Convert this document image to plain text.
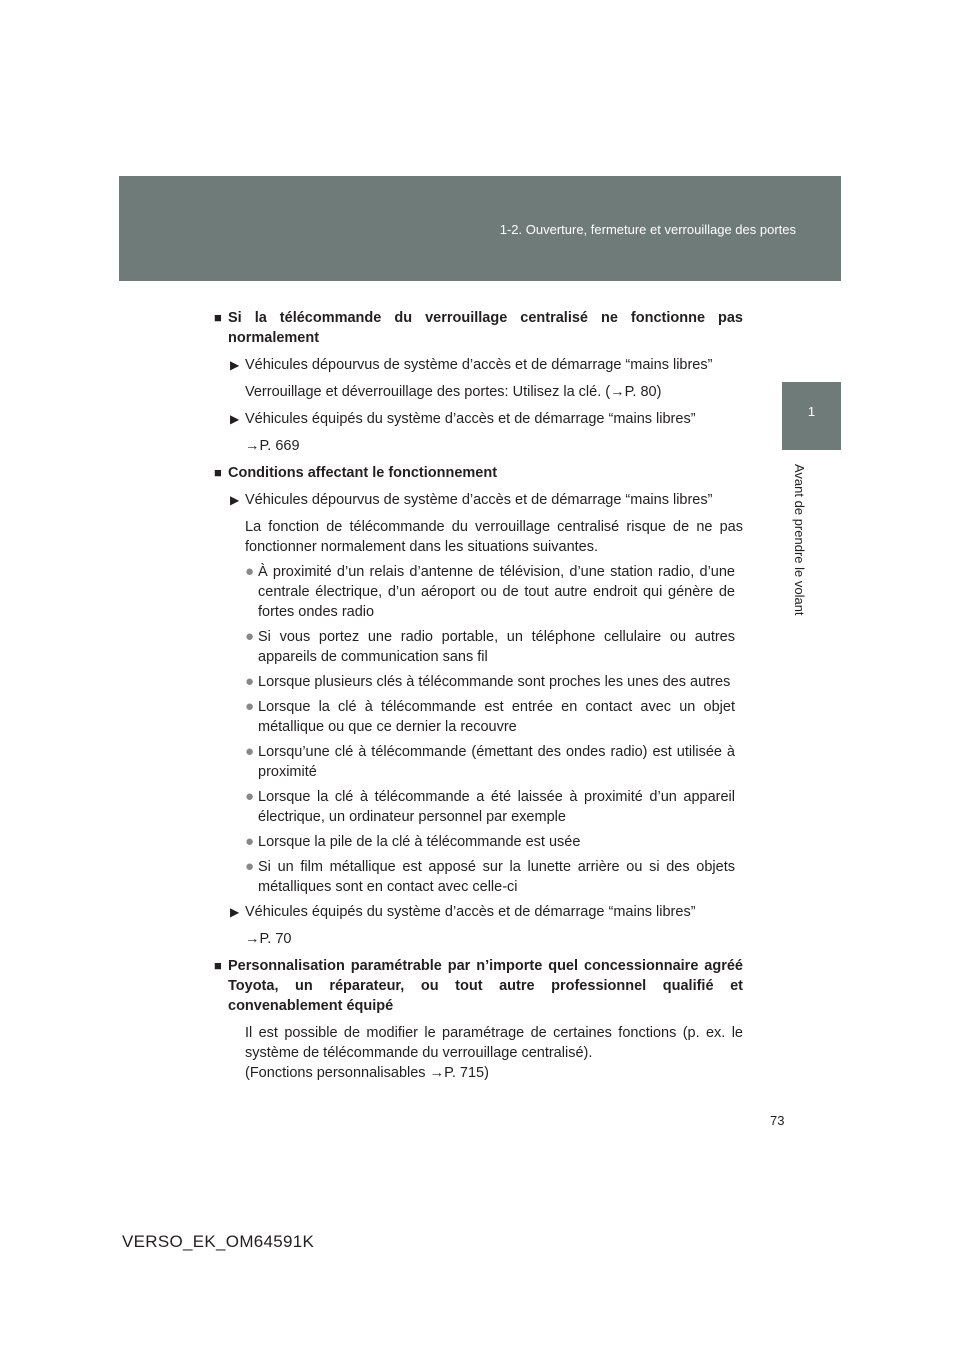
1-2. Ouverture, fermeture et verrouillage des portes
1
Avant de prendre le volant
■ Si la télécommande du verrouillage centralisé ne fonctionne pas normalement
▶ Véhicules dépourvus de système d’accès et de démarrage “mains libres”
Verrouillage et déverrouillage des portes: Utilisez la clé. (→P. 80)
▶ Véhicules équipés du système d’accès et de démarrage “mains libres”
→P. 669
■ Conditions affectant le fonctionnement
▶ Véhicules dépourvus de système d’accès et de démarrage “mains libres”
La fonction de télécommande du verrouillage centralisé risque de ne pas fonctionner normalement dans les situations suivantes.
● À proximité d’un relais d’antenne de télévision, d’une station radio, d’une centrale électrique, d’un aéroport ou de tout autre endroit qui génère de fortes ondes radio
● Si vous portez une radio portable, un téléphone cellulaire ou autres appareils de communication sans fil
● Lorsque plusieurs clés à télécommande sont proches les unes des autres
● Lorsque la clé à télécommande est entrée en contact avec un objet métallique ou que ce dernier la recouvre
● Lorsqu’une clé à télécommande (émettant des ondes radio) est utilisée à proximité
● Lorsque la clé à télécommande a été laissée à proximité d’un appareil électrique, un ordinateur personnel par exemple
● Lorsque la pile de la clé à télécommande est usée
● Si un film métallique est apposé sur la lunette arrière ou si des objets métalliques sont en contact avec celle-ci
▶ Véhicules équipés du système d’accès et de démarrage “mains libres”
→P. 70
■ Personnalisation paramétrable par n’importe quel concessionnaire agréé Toyota, un réparateur, ou tout autre professionnel qualifié et convenablement équipé
Il est possible de modifier le paramétrage de certaines fonctions (p. ex. le système de télécommande du verrouillage centralisé).
(Fonctions personnalisables →P. 715)
73
VERSO_EK_OM64591K
